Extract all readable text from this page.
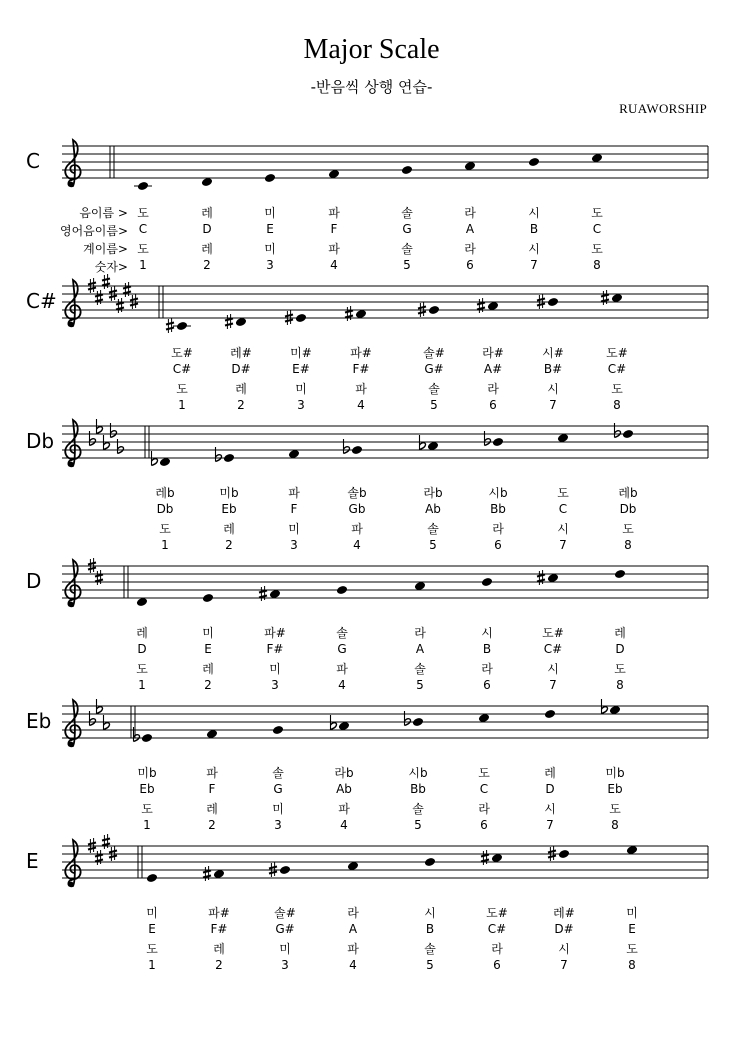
Major Scale
-반음씩 상행 연습-
RUAWORSHIP
C
음이름 > 도	레	미	파	솔	라	시	도
영어음이름> C	D	E	F	G	A	B	C
계이름> 도	레	미	파	솔	라	시	도
숫자> 1	2	3	4	5	6	7	8
C#
도#	레#	미#	파#	솔#	라#	시#	도#
C#	D#	E#	F#	G#	A#	B#	C#
도	레	미	파	솔	라	시	도
1	2	3	4	5	6	7	8
Db
레b	미b	파	솔b	라b	시b	도	레b
Db	Eb	F	Gb	Ab	Bb	C	Db
도	레	미	파	솔	라	시	도
1	2	3	4	5	6	7	8
D
레	미	파#	솔	라	시	도#	레
D	E	F#	G	A	B	C#	D
도	레	미	파	솔	라	시	도
1	2	3	4	5	6	7	8
Eb
미b	파	솔	라b	시b	도	레	미b
Eb	F	G	Ab	Bb	C	D	Eb
도	레	미	파	솔	라	시	도
1	2	3	4	5	6	7	8
E
미	파#	솔#	라	시	도#	레#	미
E	F#	G#	A	B	C#	D#	E
도	레	미	파	솔	라	시	도
1	2	3	4	5	6	7	8
